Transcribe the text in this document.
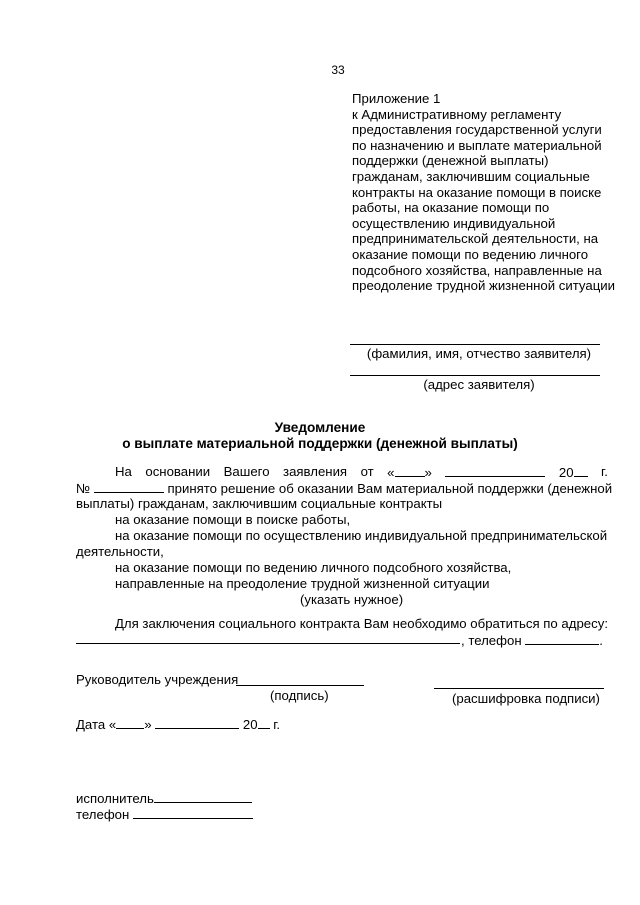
33
Приложение 1
к Административному регламенту
предоставления государственной услуги
по назначению и выплате материальной
поддержки (денежной выплаты)
гражданам, заключившим социальные
контракты на оказание помощи в поиске
работы, на оказание помощи по
осуществлению индивидуальной
предпринимательской деятельности, на
оказание помощи по ведению личного
подсобного хозяйства, направленные на
преодоление трудной жизненной ситуации
(фамилия, имя, отчество заявителя)
(адрес заявителя)
Уведомление
о выплате материальной поддержки (денежной выплаты)
На основании Вашего заявления от « »	20	г.
№	принято решение об оказании Вам материальной поддержки (денежной
выплаты) гражданам, заключившим социальные контракты
на оказание помощи в поиске работы,
на оказание помощи по осуществлению индивидуальной предпринимательской
деятельности,
на оказание помощи по ведению личного подсобного хозяйства,
направленные на преодоление трудной жизненной ситуации
(указать нужное)
Для заключения социального контракта Вам необходимо обратиться по адресу:
, телефон	.
Руководитель учреждения
(подпись)	(расшифровка подписи)
Дата « »	20 г.
исполнитель
телефон
